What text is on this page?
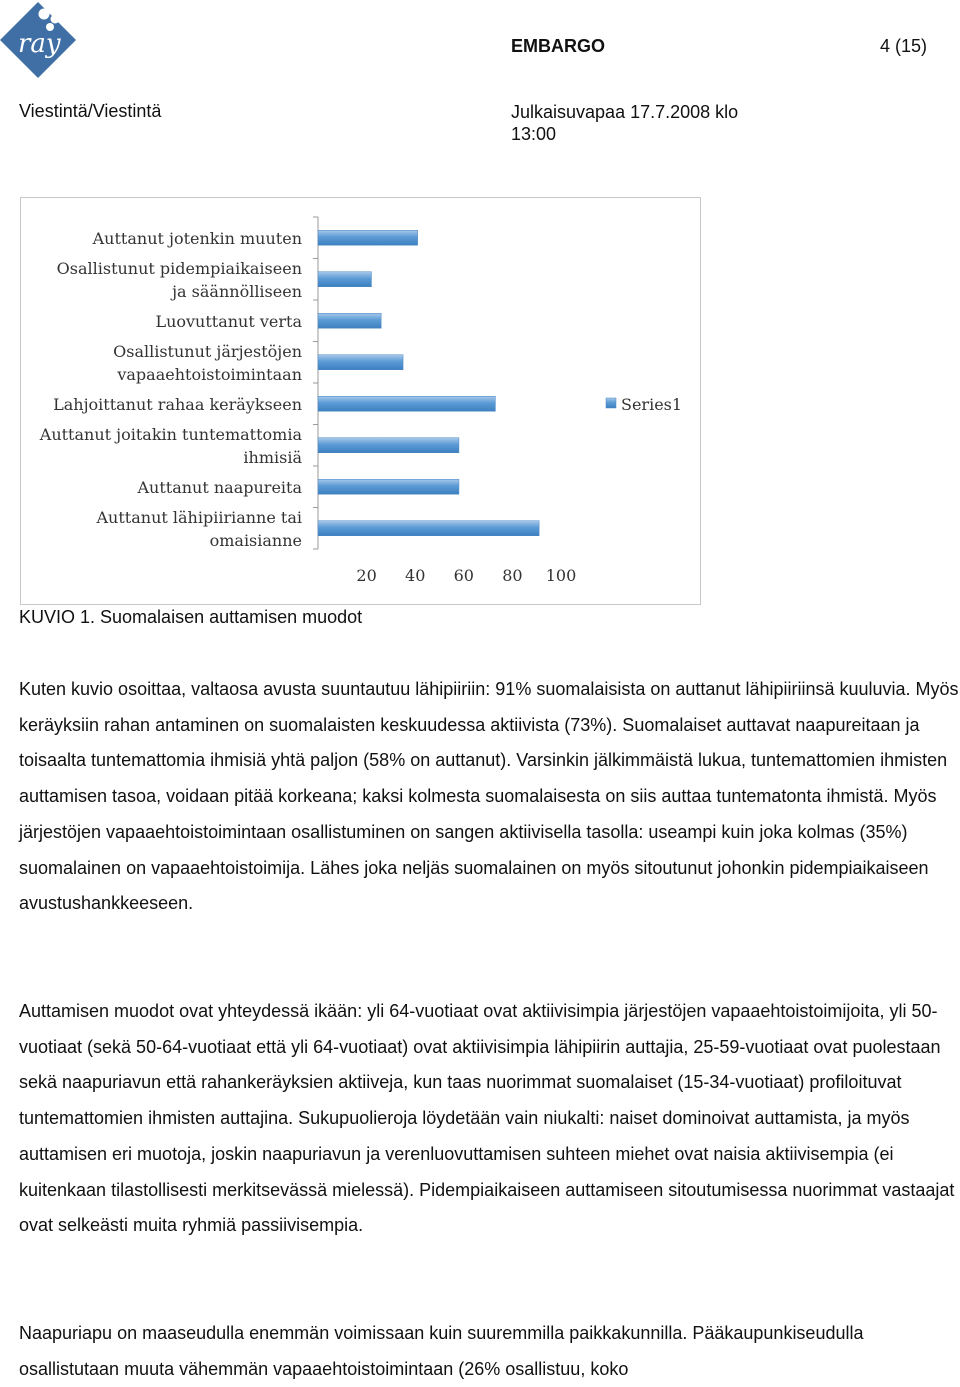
ray	EMBARGO	4 (15)
Viestintä/Viestintä	Julkaisuvapaa 17.7.2008 klo
13:00
Auttanut jotenkin muuten
Osallistunut pidempiaikaiseen
ja säännölliseen
Luovuttanut verta
Osallistunut järjestöjen
vapaaehtoistoimintaan
Lahjoittanut rahaa keräykseen
Auttanut joitakin tuntemattomia
ihmisiä
Auttanut naapureita
Auttanut lähipiirianne tai
omaisianne
20 40 60 80 100
Series1
KUVIO 1. Suomalaisen auttamisen muodot

Kuten kuvio osoittaa, valtaosa avusta suuntautuu lähipiiriin: 91% suomalaisista on auttanut lähipiiriinsä kuuluvia. Myös keräyksiin rahan antaminen on suomalaisten keskuudessa aktiivista (73%). Suomalaiset auttavat naapureitaan ja toisaalta tuntemattomia ihmisiä yhtä paljon (58% on auttanut). Varsinkin jälkimmäistä lukua, tuntemattomien ihmisten auttamisen tasoa, voidaan pitää korkeana; kaksi kolmesta suomalaisesta on siis auttaa tuntematonta ihmistä. Myös järjestöjen vapaaehtoistoimintaan osallistuminen on sangen aktiivisella tasolla: useampi kuin joka kolmas (35%) suomalainen on vapaaehtoistoimija. Lähes joka neljäs suomalainen on myös sitoutunut johonkin pidempiaikaiseen avustushankkeeseen.

Auttamisen muodot ovat yhteydessä ikään: yli 64-vuotiaat ovat aktiivisimpia järjestöjen vapaaehtoistoimijoita, yli 50-vuotiaat (sekä 50-64-vuotiaat että yli 64-vuotiaat) ovat aktiivisimpia lähipiirin auttajia, 25-59-vuotiaat ovat puolestaan sekä naapuriavun että rahankeräyksien aktiiveja, kun taas nuorimmat suomalaiset (15-34-vuotiaat) profiloituvat tuntemattomien ihmisten auttajina. Sukupuolieroja löydetään vain niukalti: naiset dominoivat auttamista, ja myös auttamisen eri muotoja, joskin naapuriavun ja verenluovuttamisen suhteen miehet ovat naisia aktiivisempia (ei kuitenkaan tilastollisesti merkitsevässä mielessä). Pidempiaikaiseen auttamiseen sitoutumisessa nuorimmat vastaajat ovat selkeästi muita ryhmiä passiivisempia.

Naapuriapu on maaseudulla enemmän voimissaan kuin suuremmilla paikkakunnilla. Pääkaupunkiseudulla osallistutaan muuta vähemmän vapaaehtoistoimintaan (26% osallistuu, koko
